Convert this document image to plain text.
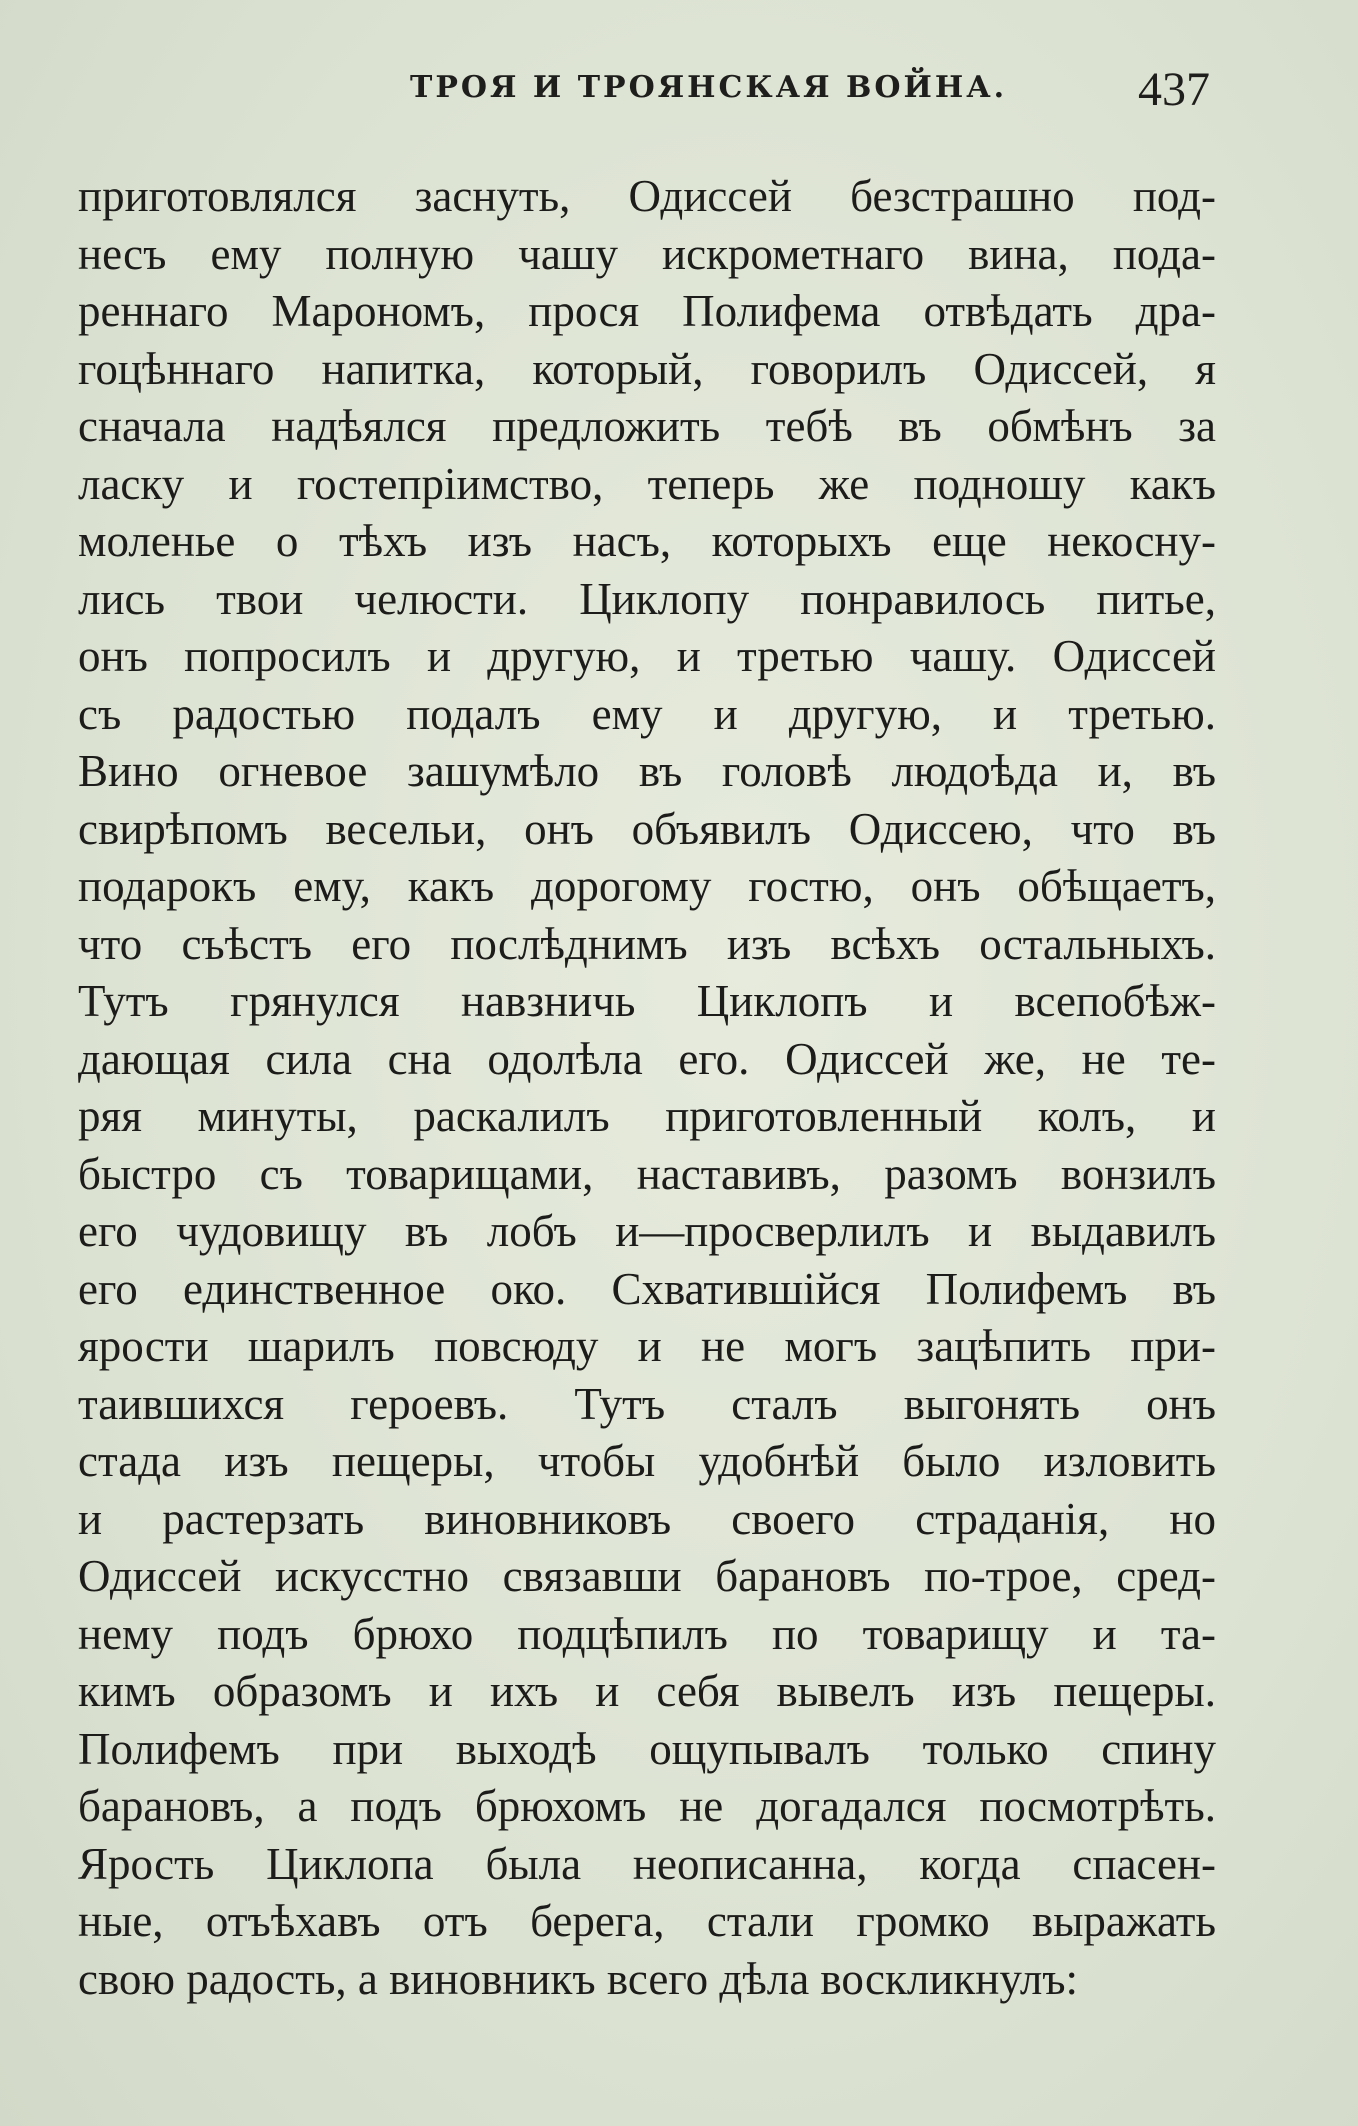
ТРОЯ И ТРОЯНСКАЯ ВОЙНА.	437
приготовлялся заснуть, Одиссей безстрашно под-
несъ ему полную чашу искрометнаго вина, пода-
реннаго Марономъ, прося Полифема отвѣдать дра-
гоцѣннаго напитка, который, говорилъ Одиссей, я
сначала надѣялся предложить тебѣ въ обмѣнъ за
ласку и гостепріимство, теперь же подношу какъ
моленье о тѣхъ изъ насъ, которыхъ еще некосну-
лись твои челюсти. Циклопу понравилось питье,
онъ попросилъ и другую, и третью чашу. Одиссей
съ радостью подалъ ему и другую, и третью.
Вино огневое зашумѣло въ головѣ людоѣда и, въ
свирѣпомъ весельи, онъ объявилъ Одиссею, что въ
подарокъ ему, какъ дорогому гостю, онъ обѣщаетъ,
что съѣстъ его послѣднимъ изъ всѣхъ остальныхъ.
Тутъ грянулся навзничь Циклопъ и всепобѣж-
дающая сила сна одолѣла его. Одиссей же, не те-
ряя минуты, раскалилъ приготовленный колъ, и
быстро съ товарищами, наставивъ, разомъ вонзилъ
его чудовищу въ лобъ и—просверлилъ и выдавилъ
его единственное око. Схватившійся Полифемъ въ
ярости шарилъ повсюду и не могъ зацѣпить при-
таившихся героевъ. Тутъ сталъ выгонять онъ
стада изъ пещеры, чтобы удобнѣй было изловить
и растерзать виновниковъ своего страданія, но
Одиссей искусстно связавши барановъ по-трое, сред-
нему подъ брюхо подцѣпилъ по товарищу и та-
кимъ образомъ и ихъ и себя вывелъ изъ пещеры.
Полифемъ при выходѣ ощупывалъ только спину
барановъ, а подъ брюхомъ не догадался посмотрѣть.
Ярость Циклопа была неописанна, когда спасен-
ные, отъѣхавъ отъ берега, стали громко выражать
свою радость, а виновникъ всего дѣла воскликнулъ:
